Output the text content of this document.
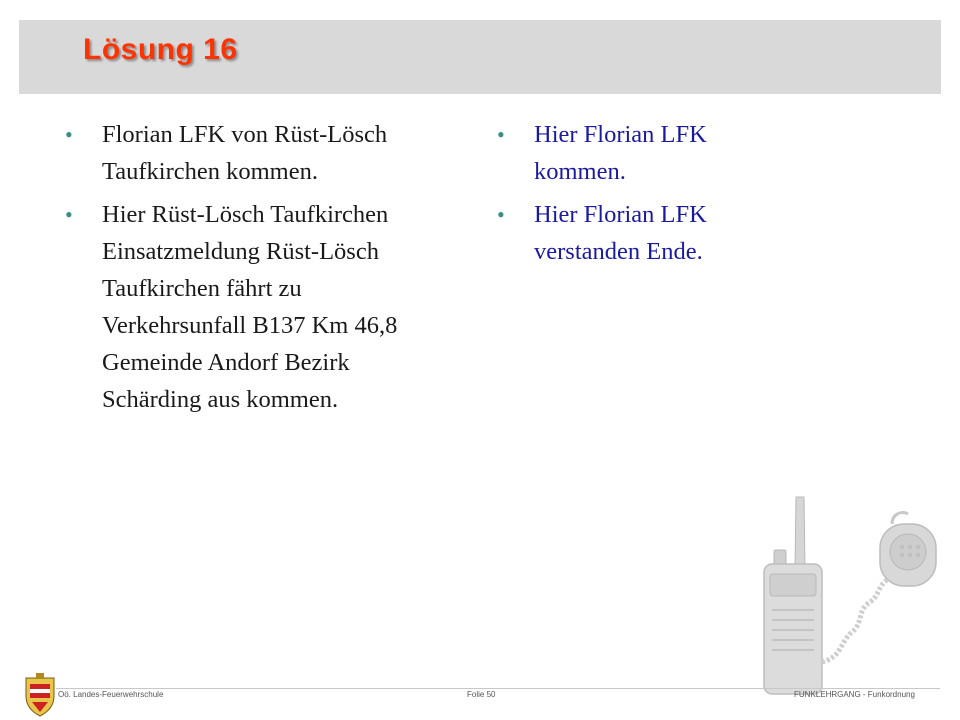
Lösung 16
• Florian LFK von Rüst-Lösch Taufkirchen kommen.
• Hier Rüst-Lösch Taufkirchen Einsatzmeldung Rüst-Lösch Taufkirchen fährt zu Verkehrsunfall B137 Km 46,8 Gemeinde Andorf Bezirk Schärding aus kommen.
• Hier Florian LFK kommen.
• Hier Florian LFK verstanden Ende.
Oö. Landes-Feuerwehrschule	Folie 50	FUNKLEHRGANG - Funkordnung
